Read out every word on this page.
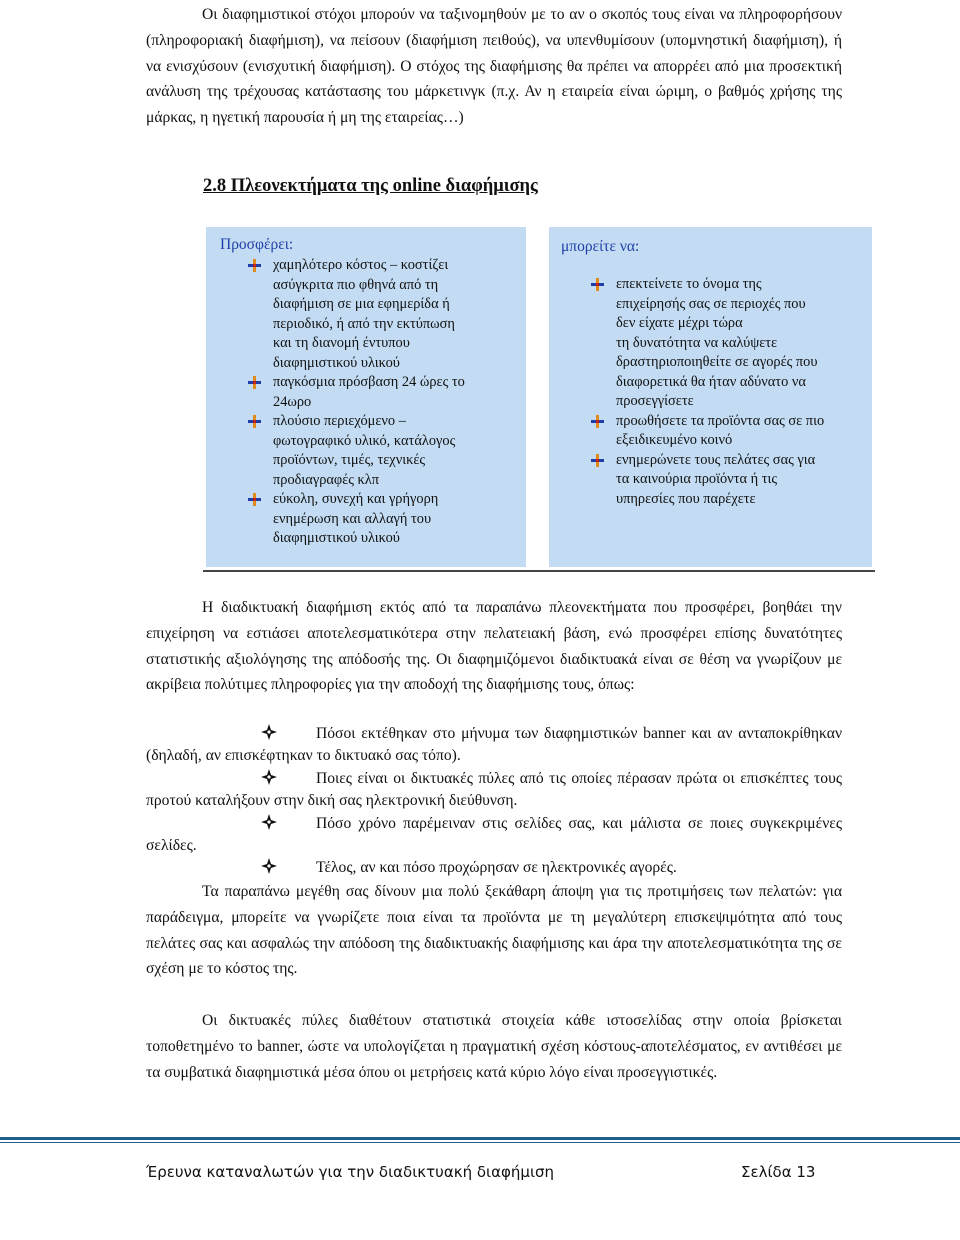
Οι διαφημιστικοί στόχοι μπορούν να ταξινομηθούν με το αν ο σκοπός τους είναι να πληροφορήσουν (πληροφοριακή διαφήμιση), να πείσουν (διαφήμιση πειθούς), να υπενθυμίσουν (υπομνηστική διαφήμιση), ή να ενισχύσουν (ενισχυτική διαφήμιση). Ο στόχος της διαφήμισης θα πρέπει να απορρέει από μια προσεκτική ανάλυση της τρέχουσας κατάστασης του μάρκετινγκ (π.χ. Αν η εταιρεία είναι ώριμη, ο βαθμός χρήσης της μάρκας, η ηγετική παρουσία ή μη της εταιρείας…)

2.8 Πλεονεκτήματα της online διαφήμισης
Προσφέρει:
χαμηλότερο κόστος – κοστίζει
ασύγκριτα πιο φθηνά από τη
διαφήμιση σε μια εφημερίδα ή
περιοδικό, ή από την εκτύπωση
και τη διανομή έντυπου
διαφημιστικού υλικού
παγκόσμια πρόσβαση 24 ώρες το
24ωρο
πλούσιο περιεχόμενο –
φωτογραφικό υλικό, κατάλογος
προϊόντων, τιμές, τεχνικές
προδιαγραφές κλπ
εύκολη, συνεχή και γρήγορη
ενημέρωση και αλλαγή του
διαφημιστικού υλικού
μπορείτε να:
επεκτείνετε το όνομα της
επιχείρησής σας σε περιοχές που
δεν είχατε μέχρι τώρα
τη δυνατότητα να καλύψετε
δραστηριοποιηθείτε σε αγορές που
διαφορετικά θα ήταν αδύνατο να
προσεγγίσετε
προωθήσετε τα προϊόντα σας σε πιο
εξειδικευμένο κοινό
ενημερώνετε τους πελάτες σας για
τα καινούρια προϊόντα ή τις
υπηρεσίες που παρέχετε

Η διαδικτυακή διαφήμιση εκτός από τα παραπάνω πλεονεκτήματα που προσφέρει, βοηθάει την επιχείρηση να εστιάσει αποτελεσματικότερα στην πελατειακή βάση, ενώ προσφέρει επίσης δυνατότητες στατιστικής αξιολόγησης της απόδοσής της. Οι διαφημιζόμενοι διαδικτυακά είναι σε θέση να γνωρίζουν με ακρίβεια πολύτιμες πληροφορίες για την αποδοχή της διαφήμισης τους, όπως:

Πόσοι εκτέθηκαν στο μήνυμα των διαφημιστικών banner και αν ανταποκρίθηκαν (δηλαδή, αν επισκέφτηκαν το δικτυακό σας τόπο).
Ποιες είναι οι δικτυακές πύλες από τις οποίες πέρασαν πρώτα οι επισκέπτες τους προτού καταλήξουν στην δική σας ηλεκτρονική διεύθυνση.
Πόσο χρόνο παρέμειναν στις σελίδες σας, και μάλιστα σε ποιες συγκεκριμένες σελίδες.
Τέλος, αν και πόσο προχώρησαν σε ηλεκτρονικές αγορές.

Τα παραπάνω μεγέθη σας δίνουν μια πολύ ξεκάθαρη άποψη για τις προτιμήσεις των πελατών: για παράδειγμα, μπορείτε να γνωρίζετε ποια είναι τα προϊόντα με τη μεγαλύτερη επισκεψιμότητα από τους πελάτες σας και ασφαλώς την απόδοση της διαδικτυακής διαφήμισης και άρα την αποτελεσματικότητα της σε σχέση με το κόστος της.

Οι δικτυακές πύλες διαθέτουν στατιστικά στοιχεία κάθε ιστοσελίδας στην οποία βρίσκεται τοποθετημένο το banner, ώστε να υπολογίζεται η πραγματική σχέση κόστους-αποτελέσματος, εν αντιθέσει με τα συμβατικά διαφημιστικά μέσα όπου οι μετρήσεις κατά κύριο λόγο είναι προσεγγιστικές.

Έρευνα καταναλωτών για την διαδικτυακή διαφήμιση	Σελίδα 13
